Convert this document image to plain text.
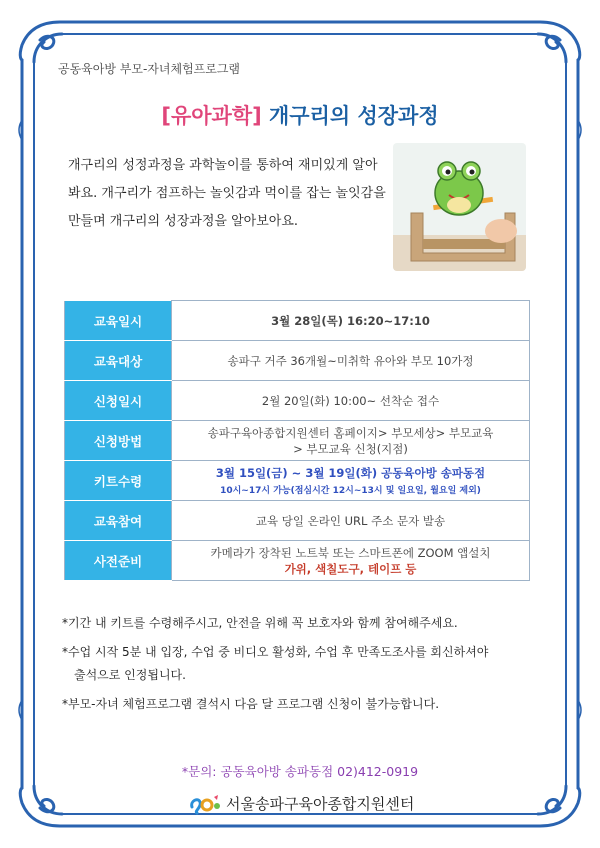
공동육아방 부모-자녀체험프로그램
[유아과학] 개구리의 성장과정
개구리의 성정과정을 과학놀이를 통하여 재미있게 알아봐요. 개구리가 점프하는 놀잇감과 먹이를 잡는 놀잇감을 만들며 개구리의 성장과정을 알아보아요.
교육일시	3월 28일(목) 16:20~17:10
교육대상	송파구 거주 36개월~미취학 유아와 부모 10가정
신청일시	2월 20일(화) 10:00~ 선착순 접수
신청방법	송파구육아종합지원센터 홈페이지> 부모세상> 부모교육
> 부모교육 신청(지점)
키트수령	3월 15일(금) ~ 3월 19일(화) 공동육아방 송파동점
10시~17시 가능(점심시간 12시~13시 및 일요일, 월요일 제외)

교육참여	교육 당일 온라인 URL 주소 문자 발송
사전준비	카메라가 장착된 노트북 또는 스마트폰에 ZOOM 앱설치
가위, 색칠도구, 테이프 등

*기간 내 키트를 수령해주시고, 안전을 위해 꼭 보호자와 함께 참여해주세요.

*수업 시작 5분 내 입장, 수업 중 비디오 활성화, 수업 후 만족도조사를 회신하셔야
출석으로 인정됩니다.

*부모-자녀 체험프로그램 결석시 다음 달 프로그램 신청이 불가능합니다.

*문의: 공동육아방 송파동점 02)412-0919
서울송파구육아종합지원센터
